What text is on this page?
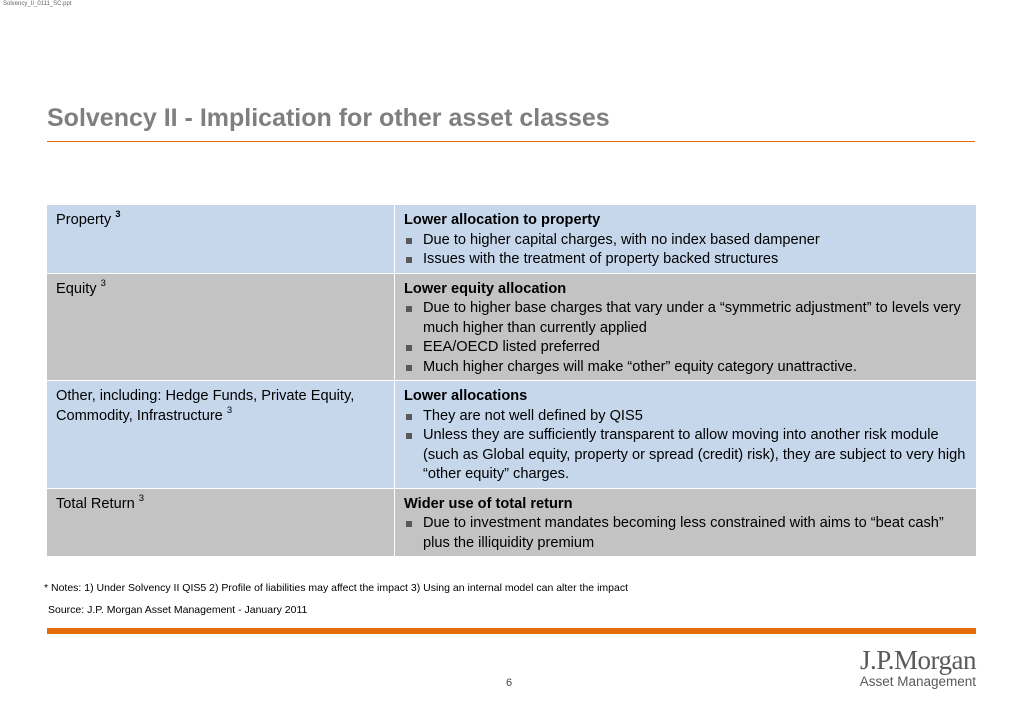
Solvency_II_0111_SC.ppt
Solvency II - Implication for other asset classes
Property $^3$	Lower allocation to property
Due to higher capital charges, with no index based dampener
Issues with the treatment of property backed structures

Equity $^3$	Lower equity allocation
Due to higher base charges that vary under a “symmetric adjustment” to levels very much higher than currently applied
EEA/OECD listed preferred
Much higher charges will make “other” equity category unattractive.

Other, including: Hedge Funds, Private Equity, Commodity, Infrastructure $^3$	Lower allocations
They are not well defined by QIS5
Unless they are sufficiently transparent to allow moving into another risk module (such as Global equity, property or spread (credit) risk), they are subject to very high “other equity” charges.

Total Return $^3$	Wider use of total return
Due to investment mandates becoming less constrained with aims to “beat cash” plus the illiquidity premium
* Notes: 1) Under Solvency II QIS5 2) Profile of liabilities may affect the impact 3) Using an internal model can alter the impact
Source: J.P. Morgan Asset Management - January 2011
6
J.P.Morgan
Asset Management
